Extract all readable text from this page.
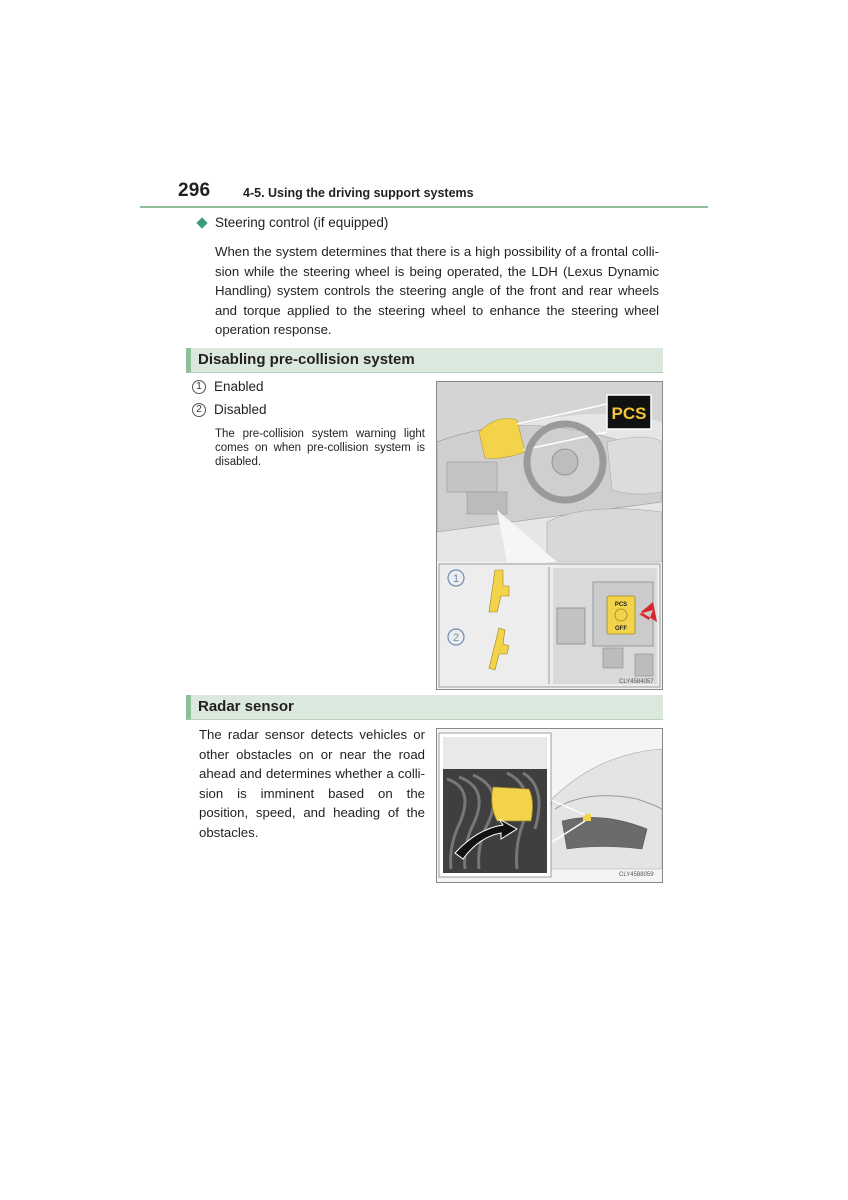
296	4-5. Using the driving support systems
Steering control (if equipped)
When the system determines that there is a high possibility of a frontal colli-sion while the steering wheel is being operated, the LDH (Lexus Dynamic Handling) system controls the steering angle of the front and rear wheels and torque applied to the steering wheel to enhance the steering wheel operation response.
Disabling pre-collision system
1 Enabled
2 Disabled
The pre-collision system warning light comes on when pre-collision system is disabled.
PCS
1
2
PCS
OFF
CLY4584057
Radar sensor
The radar sensor detects vehicles or other obstacles on or near the road ahead and determines whether a colli-sion is imminent based on the position, speed, and heading of the obstacles.
CLY4588059
